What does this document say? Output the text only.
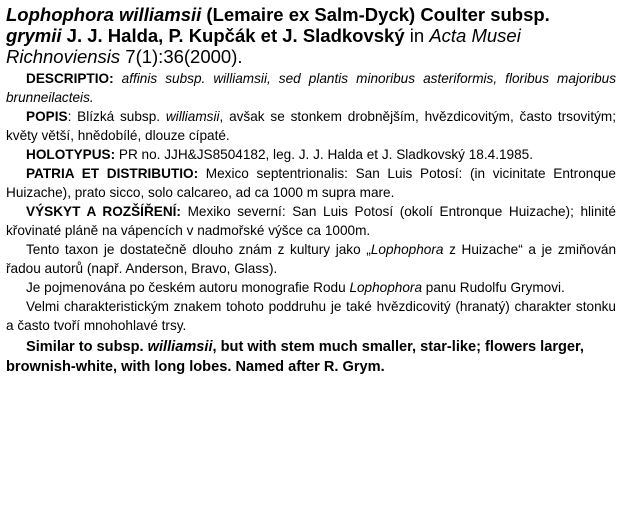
Lophophora williamsii (Lemaire ex Salm-Dyck) Coulter subsp.
grymii J. J. Halda, P. Kupčák et J. Sladkovský in Acta Musei Richnoviensis 7(1):36(2000).

DESCRIPTIO: affinis subsp. williamsii, sed plantis minoribus asteriformis, floribus majoribus brunneilacteis.

POPIS: Blízká subsp. williamsii, avšak se stonkem drobnějším, hvězdicovitým, často trsovitým; květy větší, hnědobílé, dlouze cípaté.

HOLOTYPUS: PR no. JJH&JS8504182, leg. J. J. Halda et J. Sladkovský 18.4.1985.

PATRIA ET DISTRIBUTIO: Mexico septentrionalis: San Luis Potosí: (in vicinitate Entronque Huizache), prato sicco, solo calcareo, ad ca 1000 m supra mare.

VÝSKYT A ROZŠÍŘENÍ: Mexiko severní: San Luis Potosí (okolí Entronque Huizache); hlinité křovinaté pláně na vápencích v nadmořské výšce ca 1000m.

Tento taxon je dostatečně dlouho znám z kultury jako „Lophophora z Huizache“ a je zmiňován řadou autorů (např. Anderson, Bravo, Glass).

Je pojmenována po českém autoru monografie Rodu Lophophora panu Rudolfu Grymovi.

Velmi charakteristickým znakem tohoto poddruhu je také hvězdicovitý (hranatý) charakter stonku a často tvoří mnohohlavé trsy.

Similar to subsp. williamsii, but with stem much smaller, star-like; flowers larger, brownish-white, with long lobes. Named after R. Grym.
